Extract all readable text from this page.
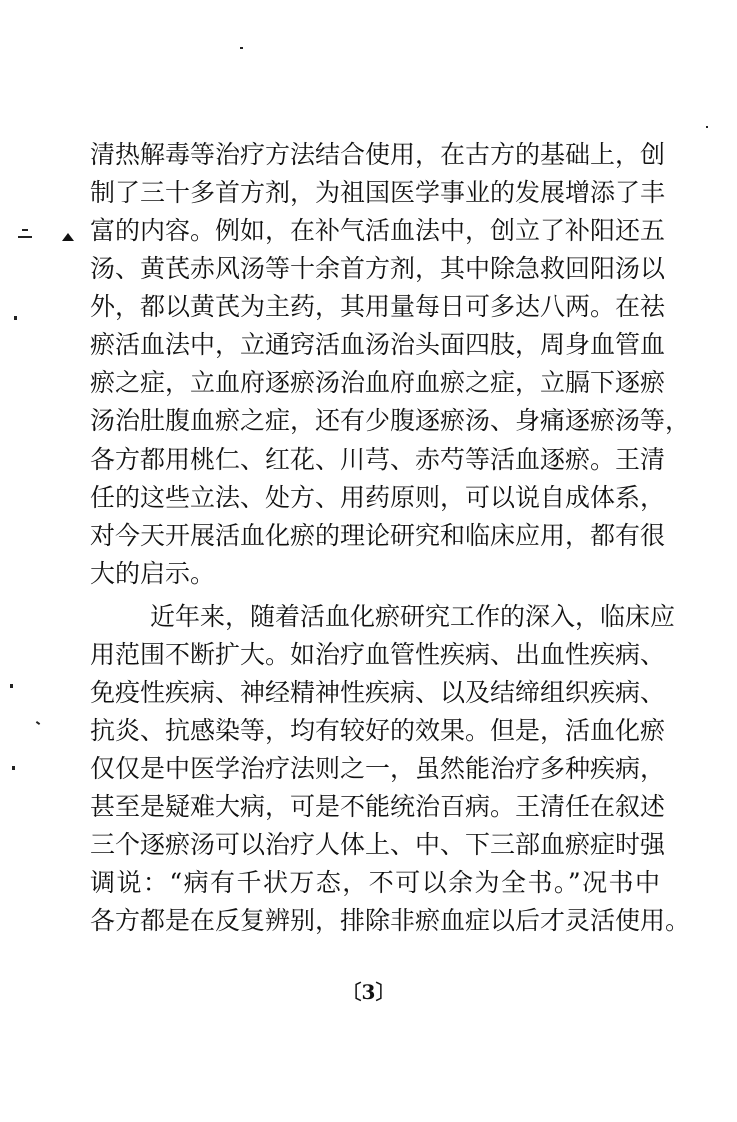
清热解毒等治疗方法结合使用，在古方的基础上，创
制了三十多首方剂，为祖国医学事业的发展增添了丰
富的内容。例如，在补气活血法中，创立了补阳还五
汤、黄芪赤风汤等十余首方剂，其中除急救回阳汤以
外，都以黄芪为主药，其用量每日可多达八两。在祛
瘀活血法中，立通窍活血汤治头面四肢，周身血管血
瘀之症，立血府逐瘀汤治血府血瘀之症，立膈下逐瘀
汤治肚腹血瘀之症，还有少腹逐瘀汤、身痛逐瘀汤等，
各方都用桃仁、红花、川芎、赤芍等活血逐瘀。王清
任的这些立法、处方、用药原则，可以说自成体系，
对今天开展活血化瘀的理论研究和临床应用，都有很
大的启示。
近年来，随着活血化瘀研究工作的深入，临床应
用范围不断扩大。如治疗血管性疾病、出血性疾病、
免疫性疾病、神经精神性疾病、以及结缔组织疾病、
抗炎、抗感染等，均有较好的效果。但是，活血化瘀
仅仅是中医学治疗法则之一，虽然能治疗多种疾病，
甚至是疑难大病，可是不能统治百病。王清任在叙述
三个逐瘀汤可以治疗人体上、中、下三部血瘀症时强
调说：“病有千状万态，不可以余为全书。”况书中
各方都是在反复辨别，排除非瘀血症以后才灵活使用。
〔3〕
